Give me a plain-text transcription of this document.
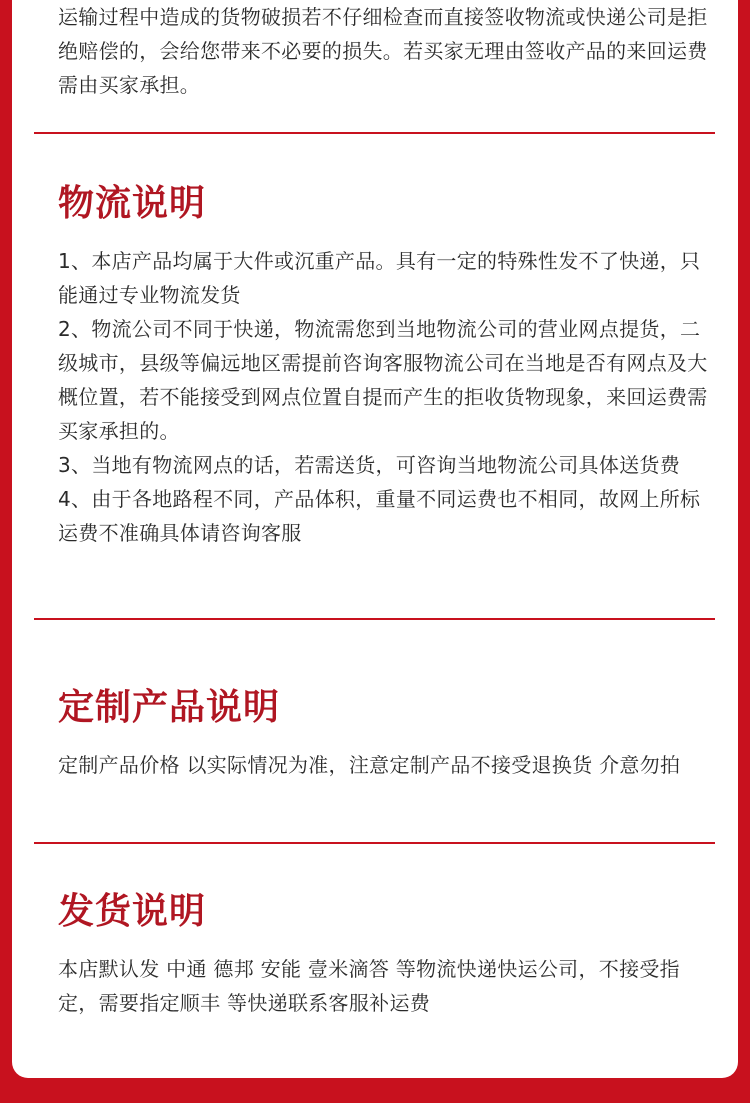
运输过程中造成的货物破损若不仔细检查而直接签收物流或快递公司是拒绝赔偿的，会给您带来不必要的损失。若买家无理由签收产品的来回运费需由买家承担。

物流说明

1、本店产品均属于大件或沉重产品。具有一定的特殊性发不了快递，只能通过专业物流发货

2、物流公司不同于快递，物流需您到当地物流公司的营业网点提货，二级城市，县级等偏远地区需提前咨询客服物流公司在当地是否有网点及大概位置，若不能接受到网点位置自提而产生的拒收货物现象，来回运费需买家承担的。

3、当地有物流网点的话，若需送货，可咨询当地物流公司具体送货费

4、由于各地路程不同，产品体积，重量不同运费也不相同，故网上所标运费不准确具体请咨询客服

定制产品说明

定制产品价格 以实际情况为准，注意定制产品不接受退换货 介意勿拍

发货说明

本店默认发 中通 德邦 安能 壹米滴答 等物流快递快运公司，不接受指定，需要指定顺丰 等快递联系客服补运费
